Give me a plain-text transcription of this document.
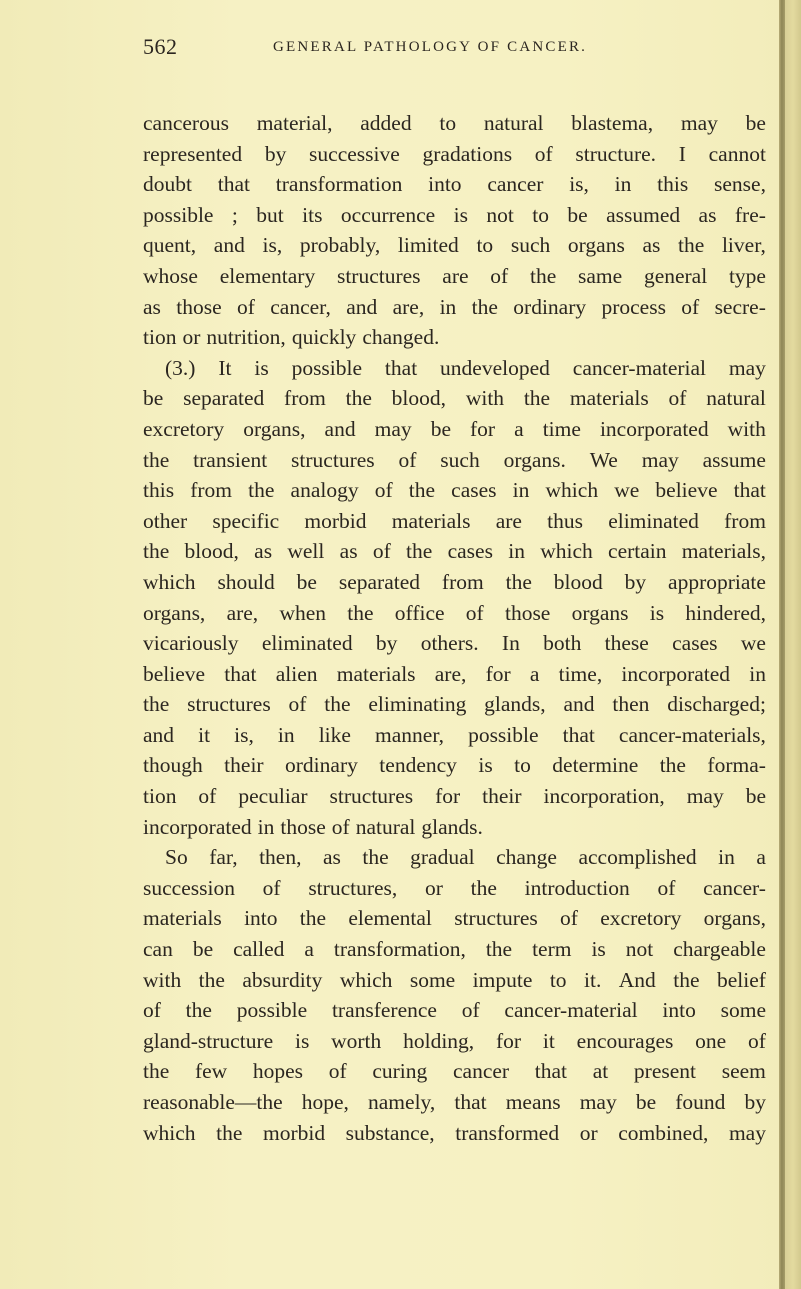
562	GENERAL PATHOLOGY OF CANCER.
cancerous material, added to natural blastema, may be
represented by successive gradations of structure. I cannot
doubt that transformation into cancer is, in this sense,
possible ; but its occurrence is not to be assumed as fre-
quent, and is, probably, limited to such organs as the liver,
whose elementary structures are of the same general type
as those of cancer, and are, in the ordinary process of secre-
tion or nutrition, quickly changed.
(3.) It is possible that undeveloped cancer-material may
be separated from the blood, with the materials of natural
excretory organs, and may be for a time incorporated with
the transient structures of such organs. We may assume
this from the analogy of the cases in which we believe that
other specific morbid materials are thus eliminated from
the blood, as well as of the cases in which certain materials,
which should be separated from the blood by appropriate
organs, are, when the office of those organs is hindered,
vicariously eliminated by others. In both these cases we
believe that alien materials are, for a time, incorporated in
the structures of the eliminating glands, and then discharged;
and it is, in like manner, possible that cancer-materials,
though their ordinary tendency is to determine the forma-
tion of peculiar structures for their incorporation, may be
incorporated in those of natural glands.
So far, then, as the gradual change accomplished in a
succession of structures, or the introduction of cancer-
materials into the elemental structures of excretory organs,
can be called a transformation, the term is not chargeable
with the absurdity which some impute to it. And the belief
of the possible transference of cancer-material into some
gland-structure is worth holding, for it encourages one of
the few hopes of curing cancer that at present seem
reasonable—the hope, namely, that means may be found by
which the morbid substance, transformed or combined, may
